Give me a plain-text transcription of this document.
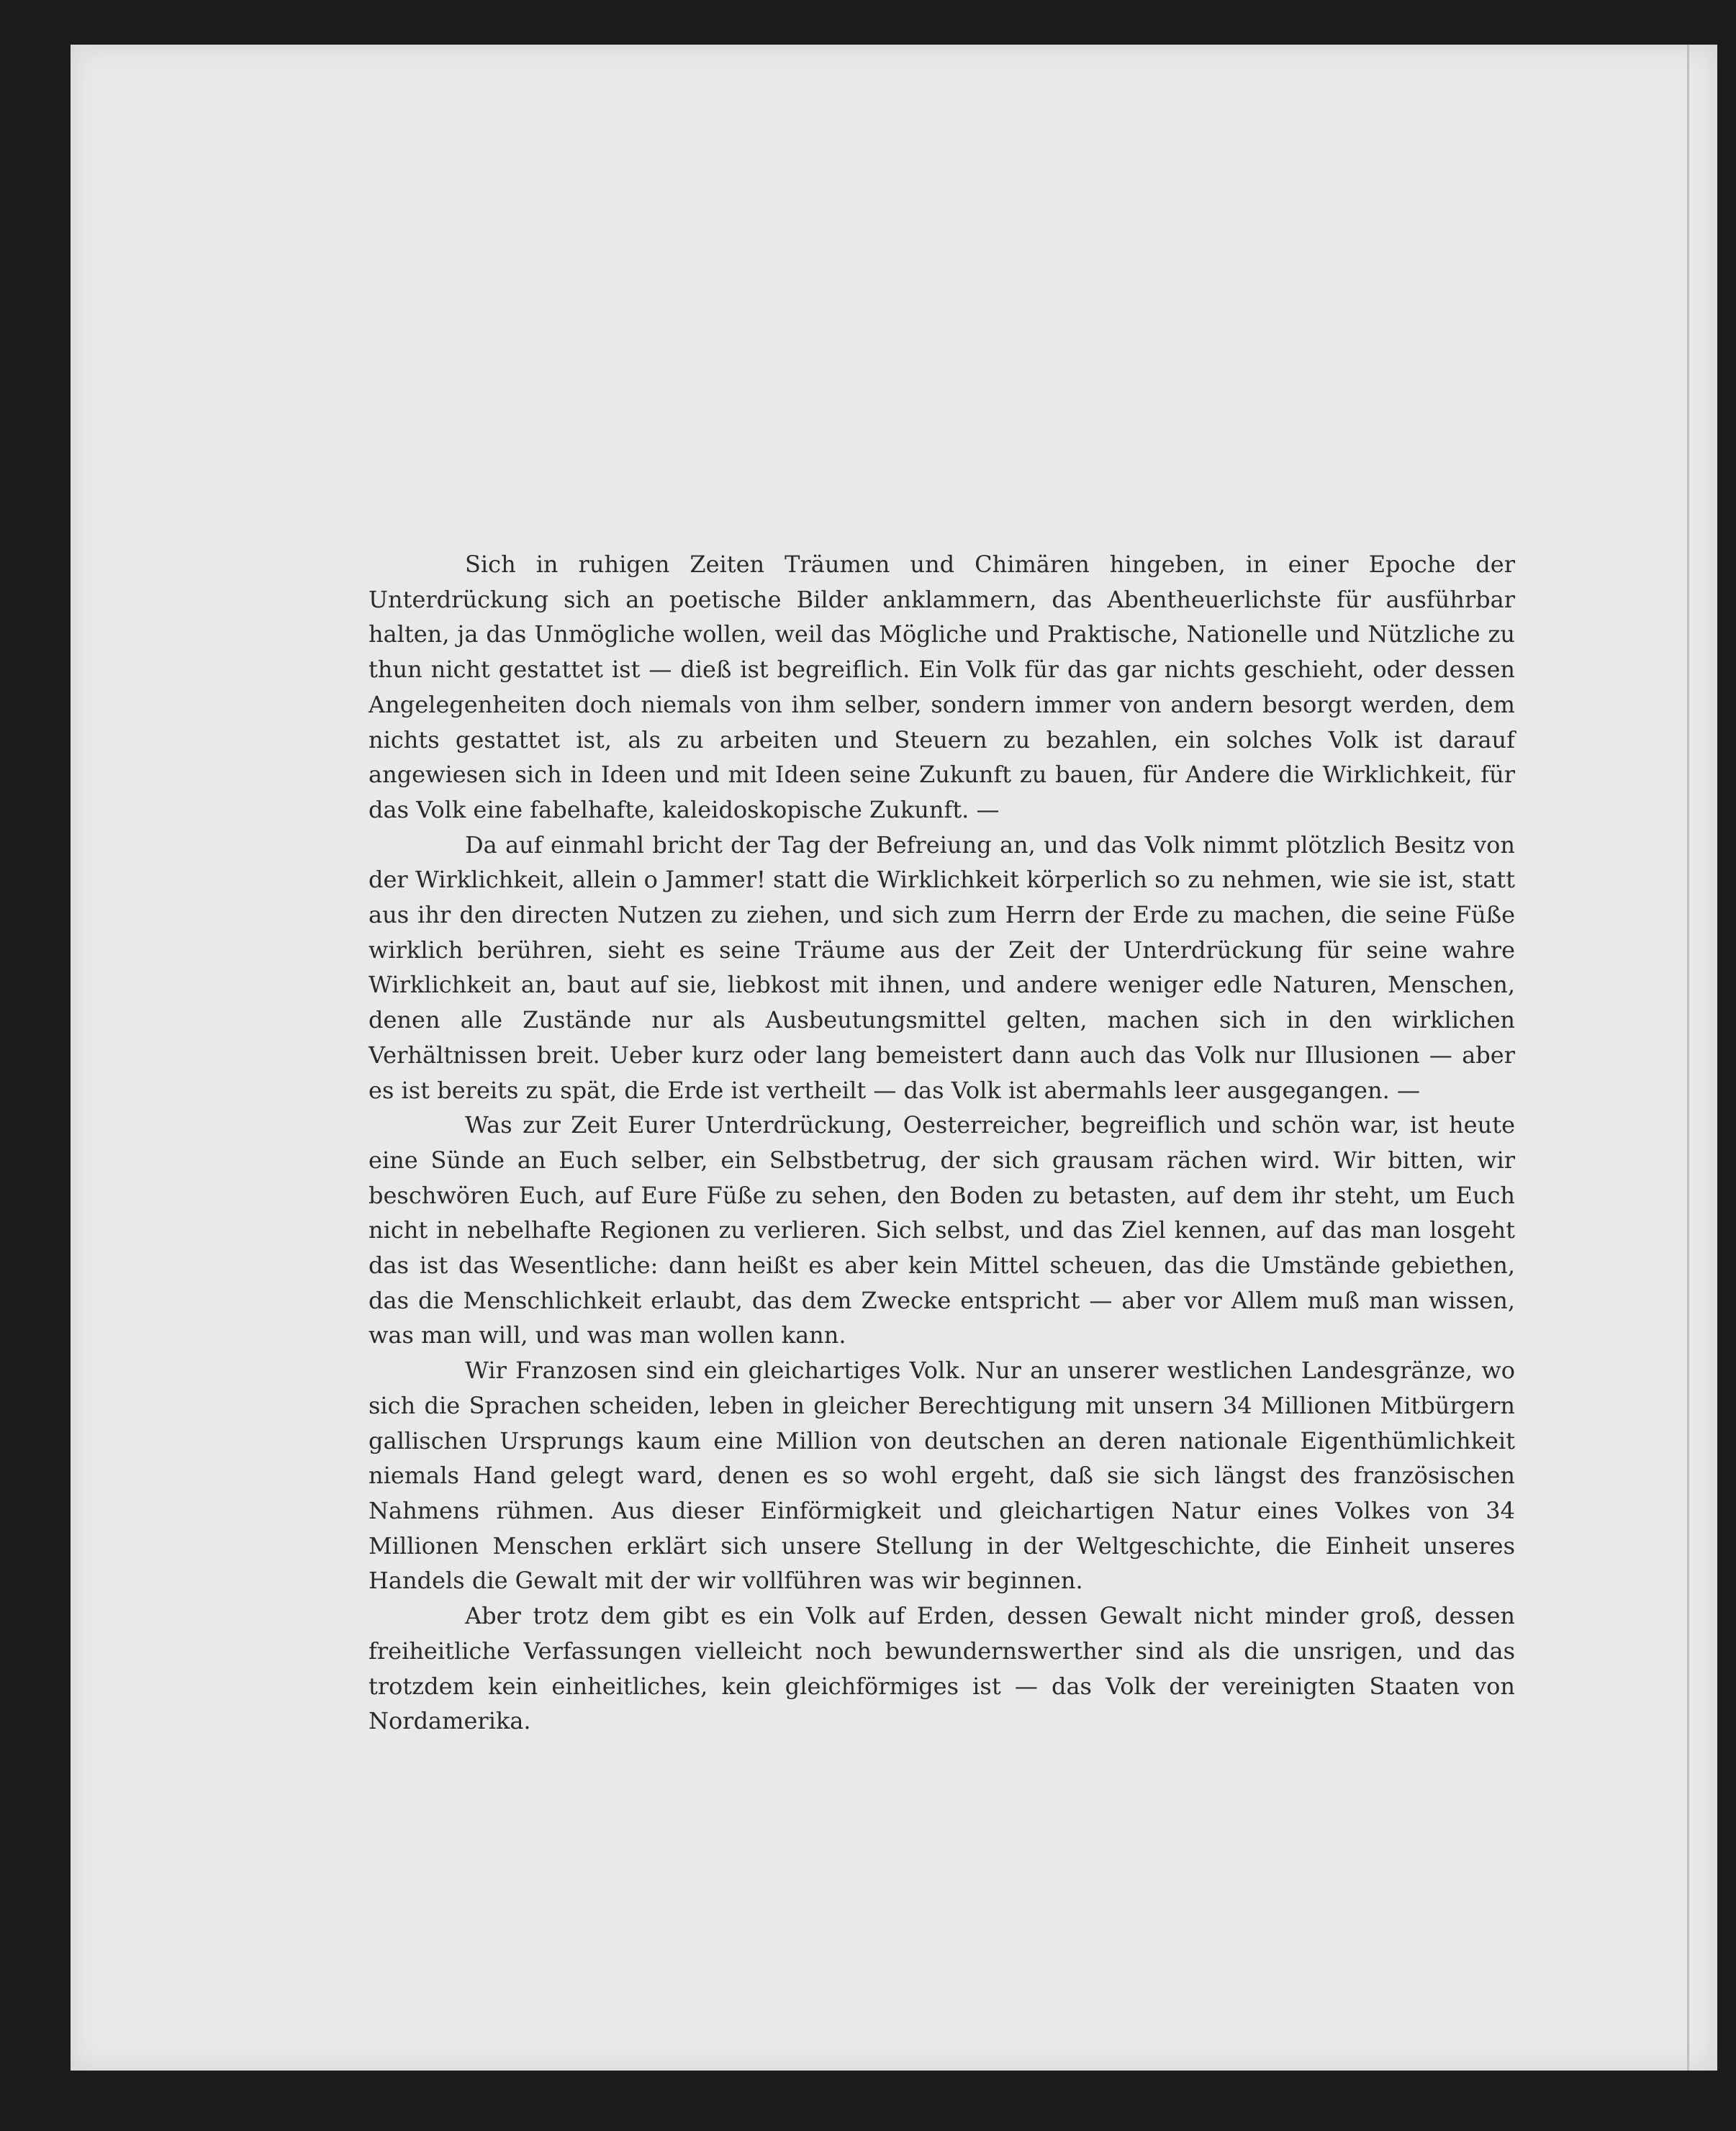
Sich in ruhigen Zeiten Träumen und Chimären hingeben, in einer Epoche der Unterdrückung sich an poetische Bilder anklammern, das Abentheuerlichste für ausführbar halten, ja das Unmögliche wollen, weil das Mögliche und Praktische, Nationelle und Nützliche zu thun nicht gestattet ist — dieß ist begreiflich. Ein Volk für das gar nichts geschieht, oder dessen Angelegenheiten doch niemals von ihm selber, sondern immer von andern besorgt werden, dem nichts gestattet ist, als zu arbeiten und Steuern zu bezahlen, ein solches Volk ist darauf angewiesen sich in Ideen und mit Ideen seine Zukunft zu bauen, für Andere die Wirklichkeit, für das Volk eine fabelhafte, kaleidoskopische Zukunft. —

Da auf einmahl bricht der Tag der Befreiung an, und das Volk nimmt plötzlich Besitz von der Wirklichkeit, allein o Jammer! statt die Wirklichkeit körperlich so zu nehmen, wie sie ist, statt aus ihr den directen Nutzen zu ziehen, und sich zum Herrn der Erde zu machen, die seine Füße wirklich berühren, sieht es seine Träume aus der Zeit der Unterdrückung für seine wahre Wirklichkeit an, baut auf sie, liebkost mit ihnen, und andere weniger edle Naturen, Menschen, denen alle Zustände nur als Ausbeutungsmittel gelten, machen sich in den wirklichen Verhältnissen breit. Ueber kurz oder lang bemeistert dann auch das Volk nur Illusionen — aber es ist bereits zu spät, die Erde ist vertheilt — das Volk ist abermahls leer ausgegangen. —

Was zur Zeit Eurer Unterdrückung, Oesterreicher, begreiflich und schön war, ist heute eine Sünde an Euch selber, ein Selbstbetrug, der sich grausam rächen wird. Wir bitten, wir beschwören Euch, auf Eure Füße zu sehen, den Boden zu betasten, auf dem ihr steht, um Euch nicht in nebelhafte Regionen zu verlieren. Sich selbst, und das Ziel kennen, auf das man losgeht das ist das Wesentliche: dann heißt es aber kein Mittel scheuen, das die Umstände gebiethen, das die Menschlichkeit erlaubt, das dem Zwecke entspricht — aber vor Allem muß man wissen, was man will, und was man wollen kann.

Wir Franzosen sind ein gleichartiges Volk. Nur an unserer westlichen Landesgränze, wo sich die Sprachen scheiden, leben in gleicher Berechtigung mit unsern 34 Millionen Mitbürgern gallischen Ursprungs kaum eine Million von deutschen an deren nationale Eigenthümlichkeit niemals Hand gelegt ward, denen es so wohl ergeht, daß sie sich längst des französischen Nahmens rühmen. Aus dieser Einförmigkeit und gleichartigen Natur eines Volkes von 34 Millionen Menschen erklärt sich unsere Stellung in der Weltgeschichte, die Einheit unseres Handels die Gewalt mit der wir vollführen was wir beginnen.

Aber trotz dem gibt es ein Volk auf Erden, dessen Gewalt nicht minder groß, dessen freiheitliche Verfassungen vielleicht noch bewundernswerther sind als die unsrigen, und das trotzdem kein einheitliches, kein gleichförmiges ist — das Volk der vereinigten Staaten von Nordamerika.
